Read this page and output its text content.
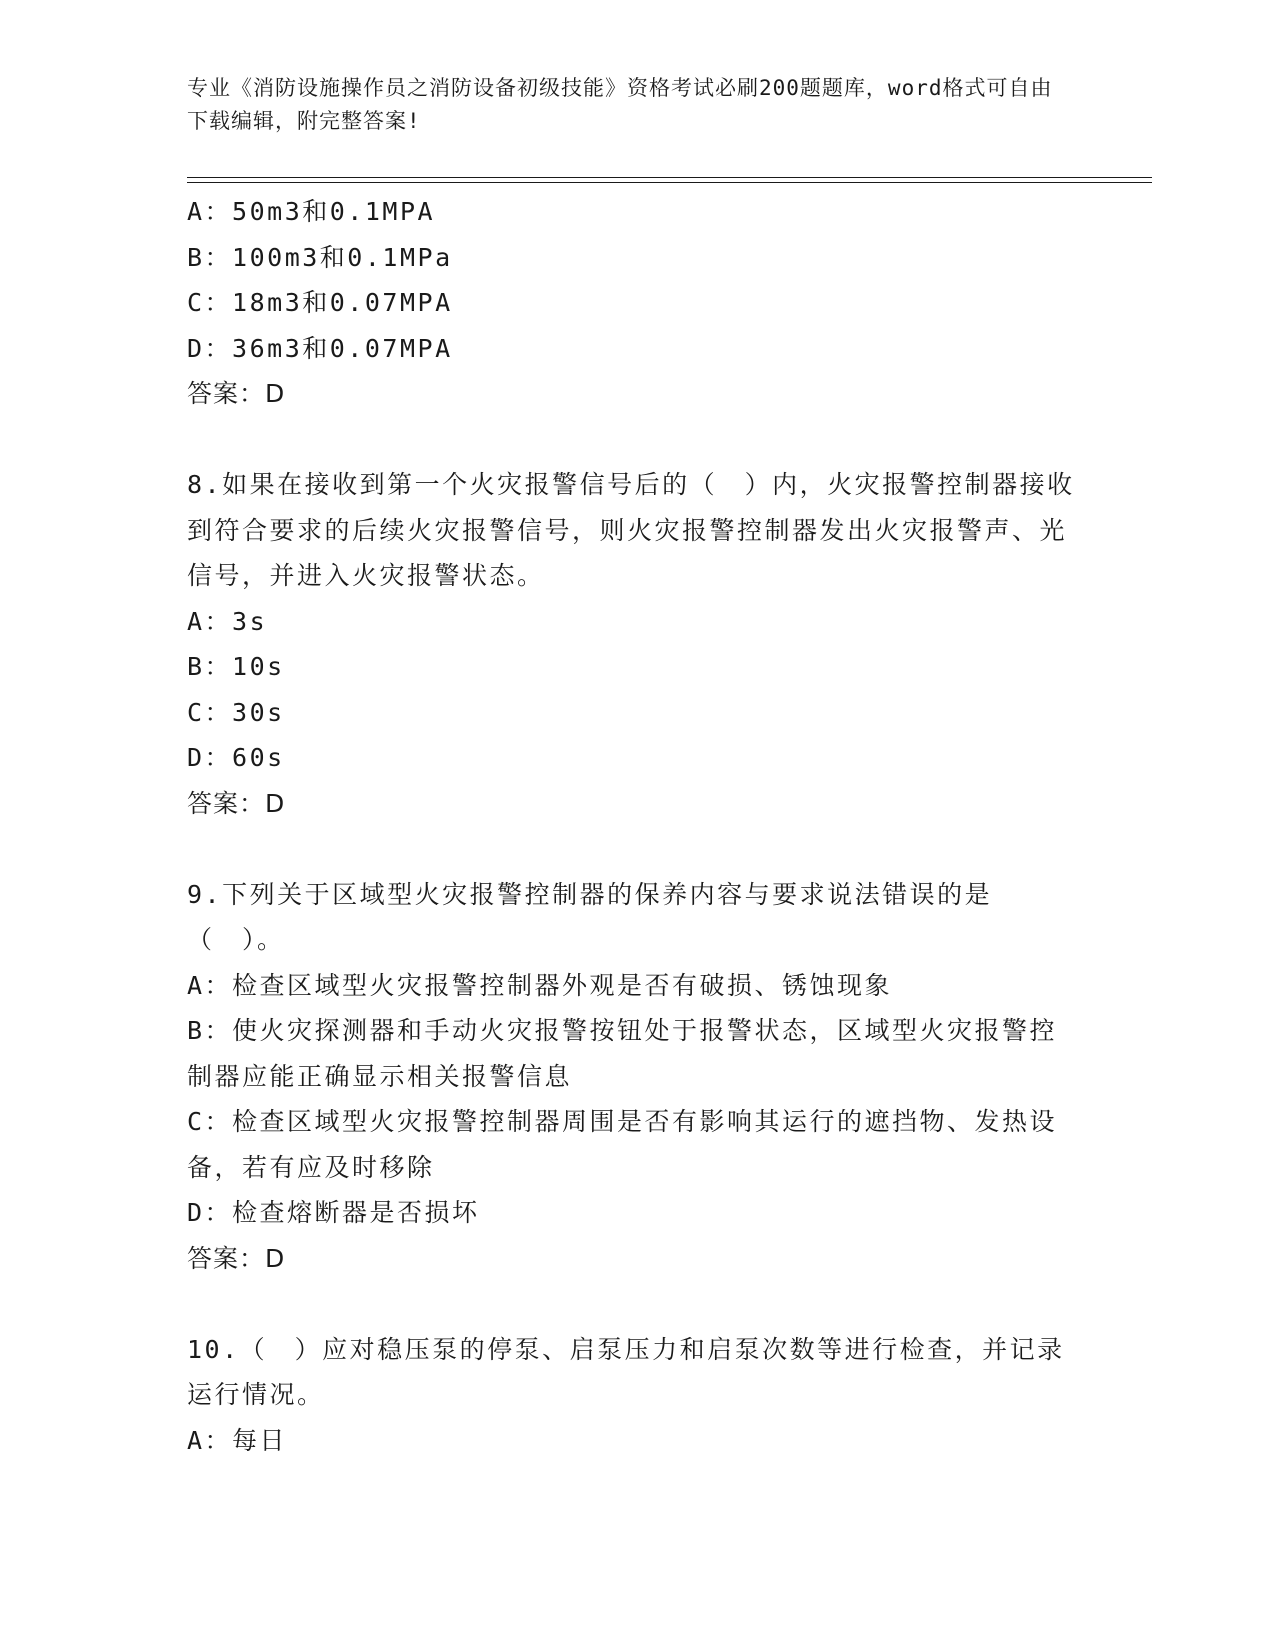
专业《消防设施操作员之消防设备初级技能》资格考试必刷200题题库，word格式可自由下载编辑，附完整答案!
A：50m3和0.1MPA
B：100m3和0.1MPa
C：18m3和0.07MPA
D：36m3和0.07MPA
答案：D
8.如果在接收到第一个火灾报警信号后的（　）内，火灾报警控制器接收到符合要求的后续火灾报警信号，则火灾报警控制器发出火灾报警声、光信号，并进入火灾报警状态。
A：3s
B：10s
C：30s
D：60s
答案：D
9.下列关于区域型火灾报警控制器的保养内容与要求说法错误的是（　）。
A：检查区域型火灾报警控制器外观是否有破损、锈蚀现象
B：使火灾探测器和手动火灾报警按钮处于报警状态，区域型火灾报警控制器应能正确显示相关报警信息
C：检查区域型火灾报警控制器周围是否有影响其运行的遮挡物、发热设备，若有应及时移除
D：检查熔断器是否损坏
答案：D
10.（　）应对稳压泵的停泵、启泵压力和启泵次数等进行检查，并记录运行情况。
A：每日
